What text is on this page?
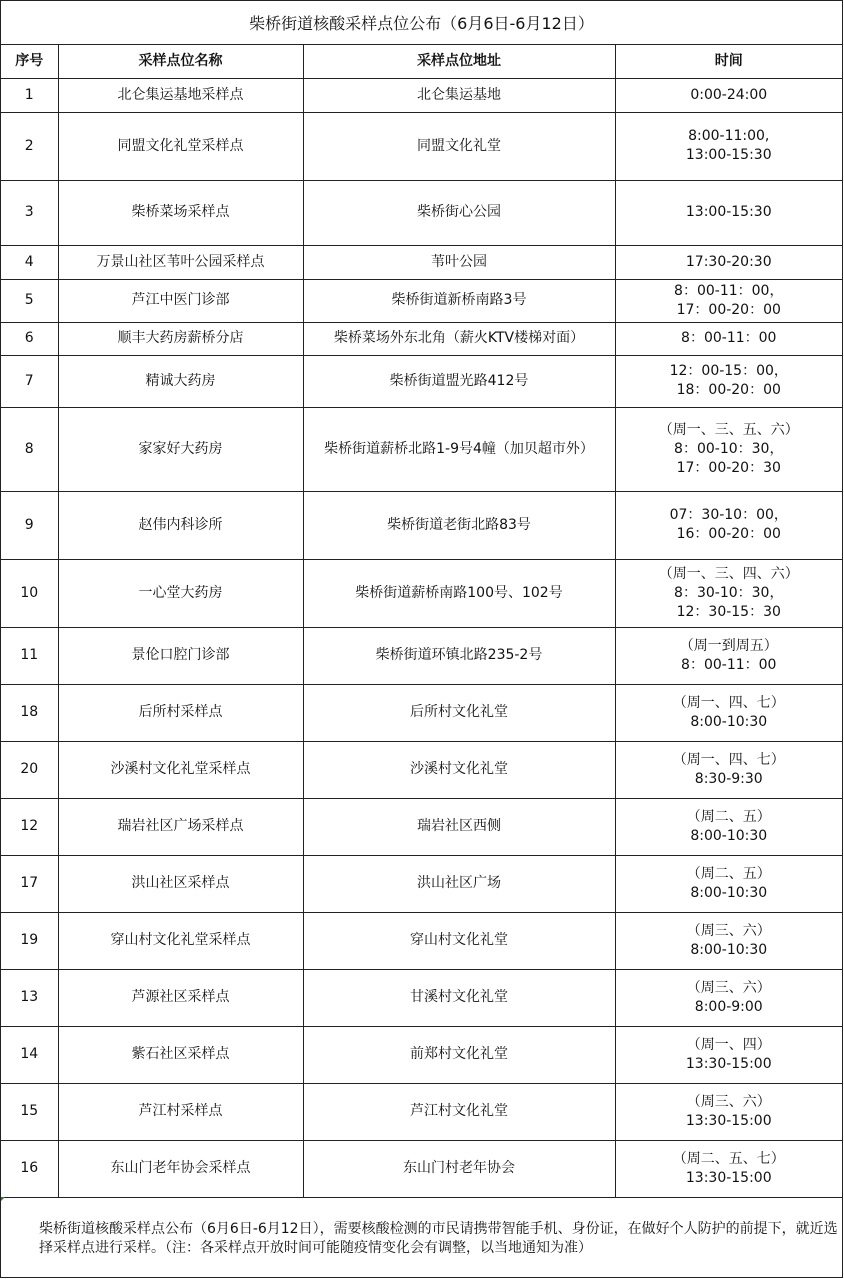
柴桥街道核酸采样点位公布（6月6日-6月12日）
序号	采样点位名称	采样点位地址	时间
1	北仑集运基地采样点	北仑集运基地	0:00-24:00
2	同盟文化礼堂采样点	同盟文化礼堂	8:00-11:00,
13:00-15:30
3	柴桥菜场采样点	柴桥街心公园	13:00-15:30
4	万景山社区苇叶公园采样点	苇叶公园	17:30-20:30
5	芦江中医门诊部	柴桥街道新桥南路3号	8：00-11：00，
17：00-20：00
6	顺丰大药房薪桥分店	柴桥菜场外东北角（薪火KTV楼梯对面）	8：00-11：00
7	精诚大药房	柴桥街道盟光路412号	12：00-15：00，
18：00-20：00
8	家家好大药房	柴桥街道薪桥北路1-9号4幢（加贝超市外）	（周一、三、五、六）
8：00-10：30，
17：00-20：30
9	赵伟内科诊所	柴桥街道老街北路83号	07：30-10：00，
16：00-20：00
10	一心堂大药房	柴桥街道薪桥南路100号、102号	（周一、三、四、六）
8：30-10：30，
12：30-15：30
11	景伦口腔门诊部	柴桥街道环镇北路235-2号	（周一到周五）
8：00-11：00
18	后所村采样点	后所村文化礼堂	（周一、四、七）
8:00-10:30
20	沙溪村文化礼堂采样点	沙溪村文化礼堂	（周一、四、七）
8:30-9:30
12	瑞岩社区广场采样点	瑞岩社区西侧	（周二、五）
8:00-10:30
17	洪山社区采样点	洪山社区广场	（周二、五）
8:00-10:30
19	穿山村文化礼堂采样点	穿山村文化礼堂	（周三、六）
8:00-10:30
13	芦源社区采样点	甘溪村文化礼堂	（周三、六）
8:00-9:00
14	紫石社区采样点	前郑村文化礼堂	（周一、四）
13:30-15:00
15	芦江村采样点	芦江村文化礼堂	（周三、六）
13:30-15:00
16	东山门老年协会采样点	东山门村老年协会	（周二、五、七）
13:30-15:00
柴桥街道核酸采样点公布（6月6日-6月12日），需要核酸检测的市民请携带智能手机、身份证，在做好个人防护的前提下，就近选择采样点进行采样。（注：各采样点开放时间可能随疫情变化会有调整，以当地通知为准）
